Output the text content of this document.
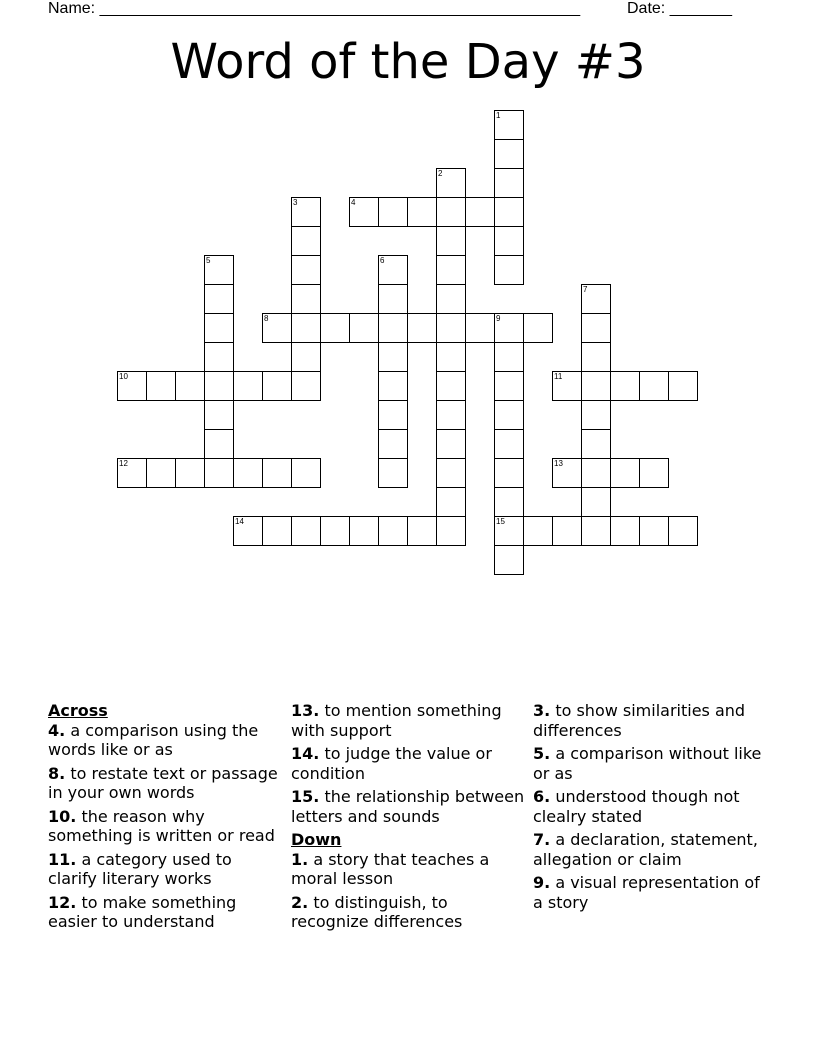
Name: ______________________________________________________	Date: _______
Word of the Day #3
1
2
3	4
5	6
7
8	9
10	11
12	13
14	15
Across
4. a comparison using the words like or as
8. to restate text or passage in your own words
10. the reason why something is written or read
11. a category used to clarify literary works
12. to make something easier to understand
13. to mention something with support
14. to judge the value or condition
15. the relationship between letters and sounds
Down
1. a story that teaches a moral lesson
2. to distinguish, to recognize differences
3. to show similarities and differences
5. a comparison without like or as
6. understood though not clealry stated
7. a declaration, statement, allegation or claim
9. a visual representation of a story
